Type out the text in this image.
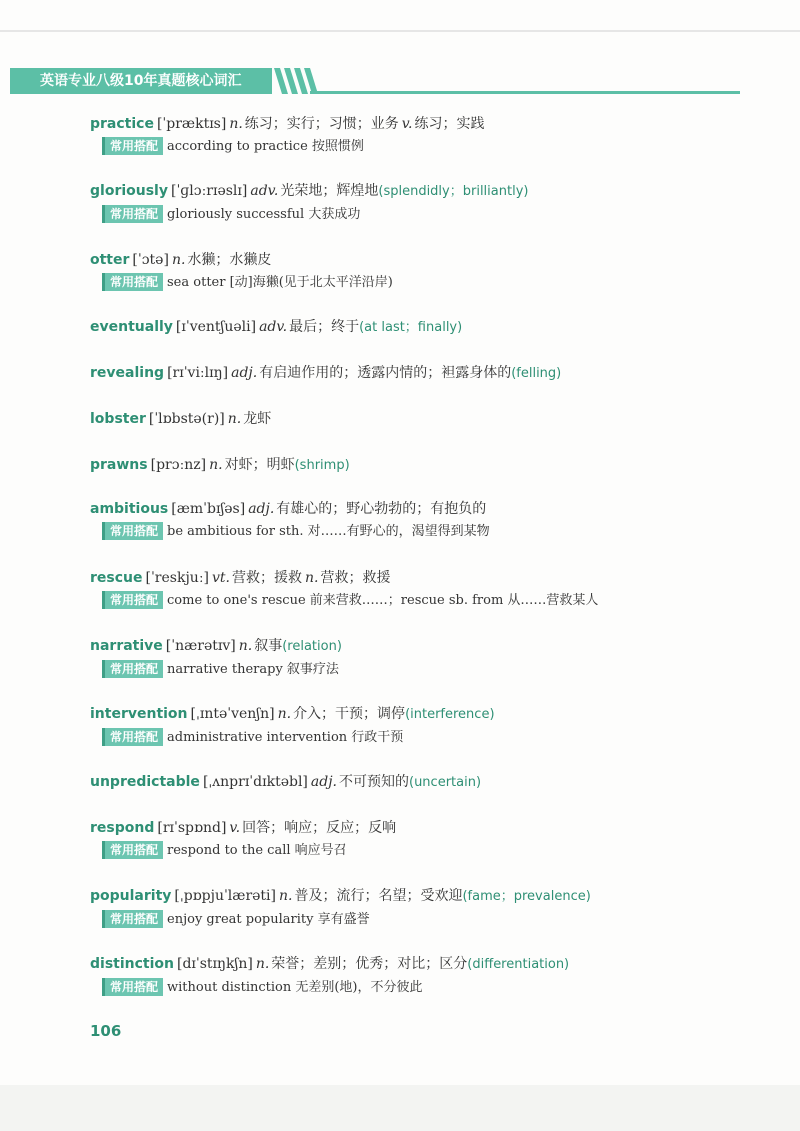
英语专业八级10年真题核心词汇
practice [ˈpræktɪs] n. 练习；实行；习惯；业务 v. 练习；实践
常用搭配 according to practice 按照惯例
gloriously [ˈɡlɔːrɪəslɪ] adv. 光荣地；辉煌地(splendidly；brilliantly)
常用搭配 gloriously successful 大获成功
otter [ˈɔtə] n. 水獭；水獭皮
常用搭配 sea otter [动]海獭(见于北太平洋沿岸)
eventually [ɪˈventʃuəli] adv. 最后；终于(at last；finally)
revealing [rɪˈviːlɪŋ] adj. 有启迪作用的；透露内情的；袒露身体的(felling)
lobster [ˈlɒbstə(r)] n. 龙虾
prawns [prɔːnz] n. 对虾；明虾(shrimp)
ambitious [æmˈbɪʃəs] adj. 有雄心的；野心勃勃的；有抱负的
常用搭配 be ambitious for sth. 对……有野心的，渴望得到某物
rescue [ˈreskjuː] vt. 营救；援救 n. 营救；救援
常用搭配 come to one's rescue 前来营救……；rescue sb. from 从……营救某人
narrative [ˈnærətɪv] n. 叙事(relation)
常用搭配 narrative therapy 叙事疗法
intervention [ˌɪntəˈvenʃn] n. 介入；干预；调停(interference)
常用搭配 administrative intervention 行政干预
unpredictable [ˌʌnprɪˈdɪktəbl] adj. 不可预知的(uncertain)
respond [rɪˈspɒnd] v. 回答；响应；反应；反响
常用搭配 respond to the call 响应号召
popularity [ˌpɒpjuˈlærəti] n. 普及；流行；名望；受欢迎(fame；prevalence)
常用搭配 enjoy great popularity 享有盛誉
distinction [dɪˈstɪŋkʃn] n. 荣誉；差别；优秀；对比；区分(differentiation)
常用搭配 without distinction 无差别(地)，不分彼此
106
